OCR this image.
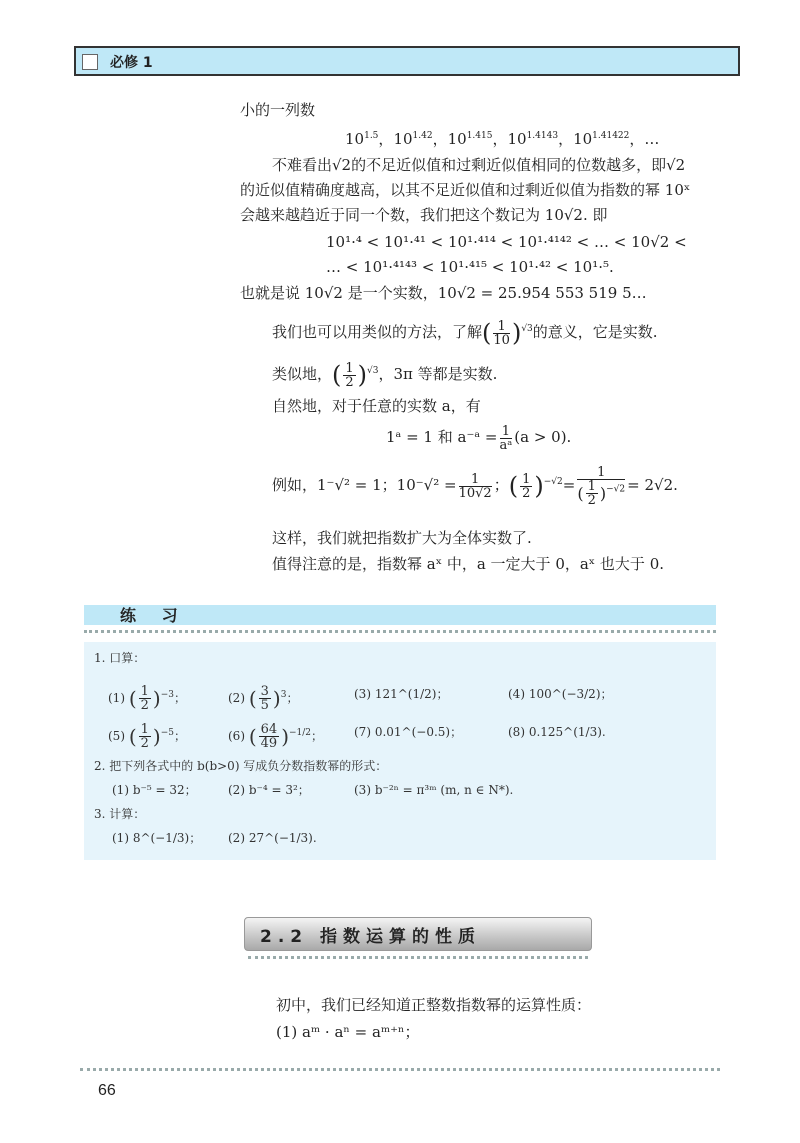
必修 1
小的一列数
$10^{1.5}$，$10^{1.42}$，$10^{1.415}$，$10^{1.4143}$，$10^{1.41422}$，…
不难看出√2的不足近似值和过剩近似值相同的位数越多，即√2
的近似值精确度越高，以其不足近似值和过剩近似值为指数的幂 10ˣ
会越来越趋近于同一个数，我们把这个数记为 10√2. 即
10¹·⁴ < 10¹·⁴¹ < 10¹·⁴¹⁴ < 10¹·⁴¹⁴² < … < 10√2 <
… < 10¹·⁴¹⁴³ < 10¹·⁴¹⁵ < 10¹·⁴² < 10¹·⁵.
也就是说 10√2 是一个实数，10√2 = 25.954 553 519 5…
我们也可以用类似的方法，了解( $\frac{1}{10} )^{√3}$的意义，它是实数.
类似地，( $\frac{1}{2} )^{√3}$，3π 等都是实数.
自然地，对于任意的实数 a，有
1ᵃ = 1 和 a⁻ᵃ = $\frac{1}{\text{aᵃ}} (a > 0)$.
例如，1⁻√² = 1；$10^-√^2 = \frac{1}{10√2}$ ；( $\frac{1}{2} )^{-√2}= \frac{1}{( \frac{1}{2} )^{-√2}} = 2√2$.
这样，我们就把指数扩大为全体实数了.
值得注意的是，指数幂 aˣ 中，a 一定大于 0，aˣ 也大于 0.
练 习
1. 口算：
(1) ( $\frac{1}{2} )^{-3}$；	(2) ( $\frac{3}{5} )^3$；	(3) 121^(1/2)；	(4) 100^(−3/2)；
(5) ( $\frac{1}{2} )^{-5}$；	(6) ( $\frac{64}{49} )^{-1/2}$；	(7) 0.01^(−0.5)；	(8) 0.125^(1/3).
2. 把下列各式中的 b(b>0) 写成负分数指数幂的形式：
(1) b⁻⁵ = 32；	(2) b⁻⁴ = 3²；	(3) b⁻²ⁿ = π³ᵐ (m, n ∈ N*).
3. 计算：
(1) 8^(−1/3)； (2) 27^(−1/3).
2.2 指数运算的性质
初中，我们已经知道正整数指数幂的运算性质：
(1) aᵐ · aⁿ = aᵐ⁺ⁿ；
66
